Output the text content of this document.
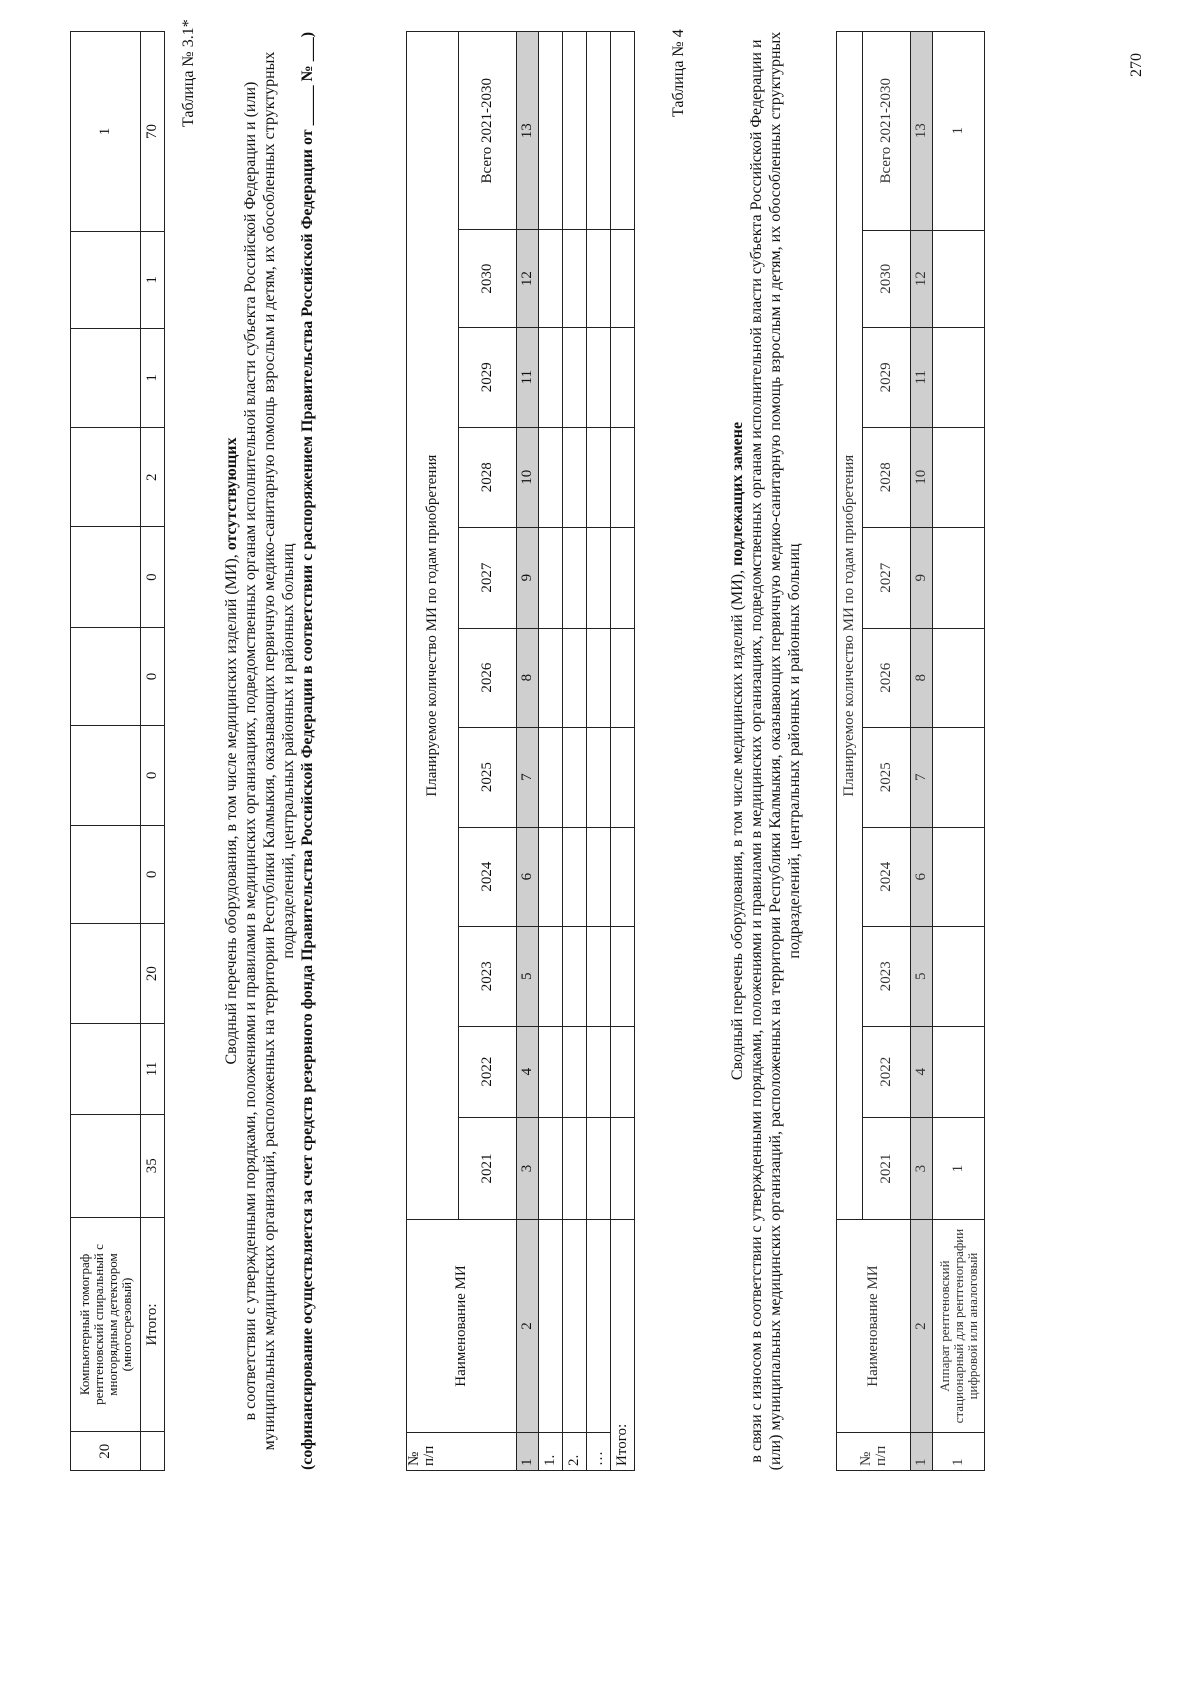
20	Компьютерный томограф рентгеновский спиральный с многорядным детектором (многосрезовый)											1
	Итого:	35	11	20	0	0	0	0	2	1	1	70
Таблица № 3.1*
Сводный перечень оборудования, в том числе медицинских изделий (МИ), отсутствующих в соответствии с утвержденными порядками, положениями и правилами в медицинских организациях, подведомственных органам исполнительной власти субъекта Российской Федерации и (или) муниципальных медицинских организаций, расположенных на территории Республики Калмыкия, оказывающих первичную медико-санитарную помощь взрослым и детям, их обособленных структурных подразделений, центральных районных и районных больниц (софинансирование осуществляется за счет средств резервного фонда Правительства Российской Федерации в соответствии с распоряжением Правительства Российской Федерации от _____ № ___)	№ п/п	Наименование МИ	Планируемое количество МИ по годам приобретения										
		2021	2022	2023	2024	2025	2026	2027	2028	2029	2030	Всего 2021-2030
1	2	3	4	5	6	7	8	9	10	11	12	13
1.												
2.												
…												
Итого:												
Таблица № 4
Сводный перечень оборудования, в том числе медицинских изделий (МИ), подлежащих замене в связи с износом в соответствии с утвержденными порядками, положениями и правилами в медицинских организациях, подведомственных органам исполнительной власти субъекта Российской Федерации и (или) муниципальных медицинских организаций, расположенных на территории Республики Калмыкия, оказывающих первичную медико-санитарную помощь взрослым и детям, их обособленных структурных подразделений, центральных районных и районных больниц
№ п/п	Наименование МИ	Планируемое количество МИ по годам приобретения										
		2021	2022	2023	2024	2025	2026	2027	2028	2029	2030	Всего 2021-2030
1	2	3	4	5	6	7	8	9	10	11	12	13
1	Аппарат рентгеновский стационарный для рентгенографии цифровой или аналоговый	1										1
270
